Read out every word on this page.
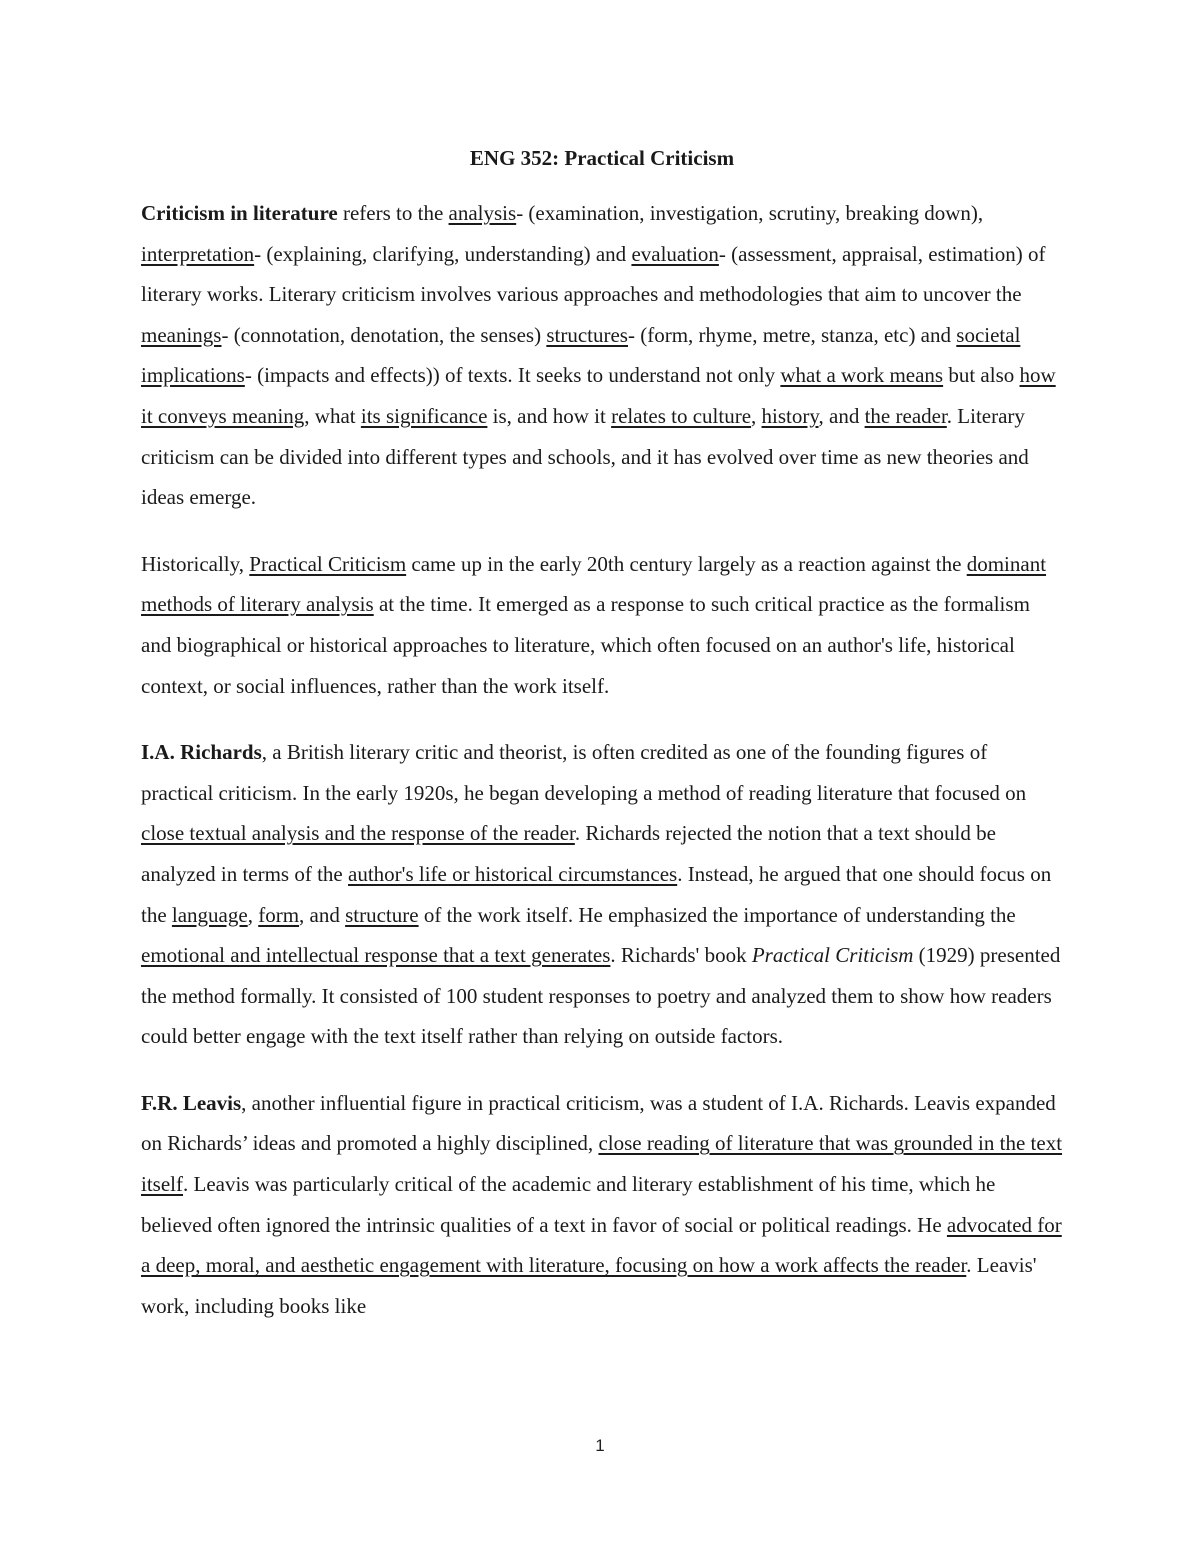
ENG 352: Practical Criticism

Criticism in literature refers to the analysis- (examination, investigation, scrutiny, breaking down), interpretation- (explaining, clarifying, understanding) and evaluation- (assessment, appraisal, estimation) of literary works. Literary criticism involves various approaches and methodologies that aim to uncover the meanings- (connotation, denotation, the senses) structures- (form, rhyme, metre, stanza, etc) and societal implications- (impacts and effects)) of texts. It seeks to understand not only what a work means but also how it conveys meaning, what its significance is, and how it relates to culture, history, and the reader. Literary criticism can be divided into different types and schools, and it has evolved over time as new theories and ideas emerge.

Historically, Practical Criticism came up in the early 20th century largely as a reaction against the dominant methods of literary analysis at the time. It emerged as a response to such critical practice as the formalism and biographical or historical approaches to literature, which often focused on an author's life, historical context, or social influences, rather than the work itself.

I.A. Richards, a British literary critic and theorist, is often credited as one of the founding figures of practical criticism. In the early 1920s, he began developing a method of reading literature that focused on close textual analysis and the response of the reader. Richards rejected the notion that a text should be analyzed in terms of the author's life or historical circumstances. Instead, he argued that one should focus on the language, form, and structure of the work itself. He emphasized the importance of understanding the emotional and intellectual response that a text generates. Richards' book Practical Criticism (1929) presented the method formally. It consisted of 100 student responses to poetry and analyzed them to show how readers could better engage with the text itself rather than relying on outside factors.

F.R. Leavis, another influential figure in practical criticism, was a student of I.A. Richards. Leavis expanded on Richards’ ideas and promoted a highly disciplined, close reading of literature that was grounded in the text itself. Leavis was particularly critical of the academic and literary establishment of his time, which he believed often ignored the intrinsic qualities of a text in favor of social or political readings. He advocated for a deep, moral, and aesthetic engagement with literature, focusing on how a work affects the reader. Leavis' work, including books like

1
